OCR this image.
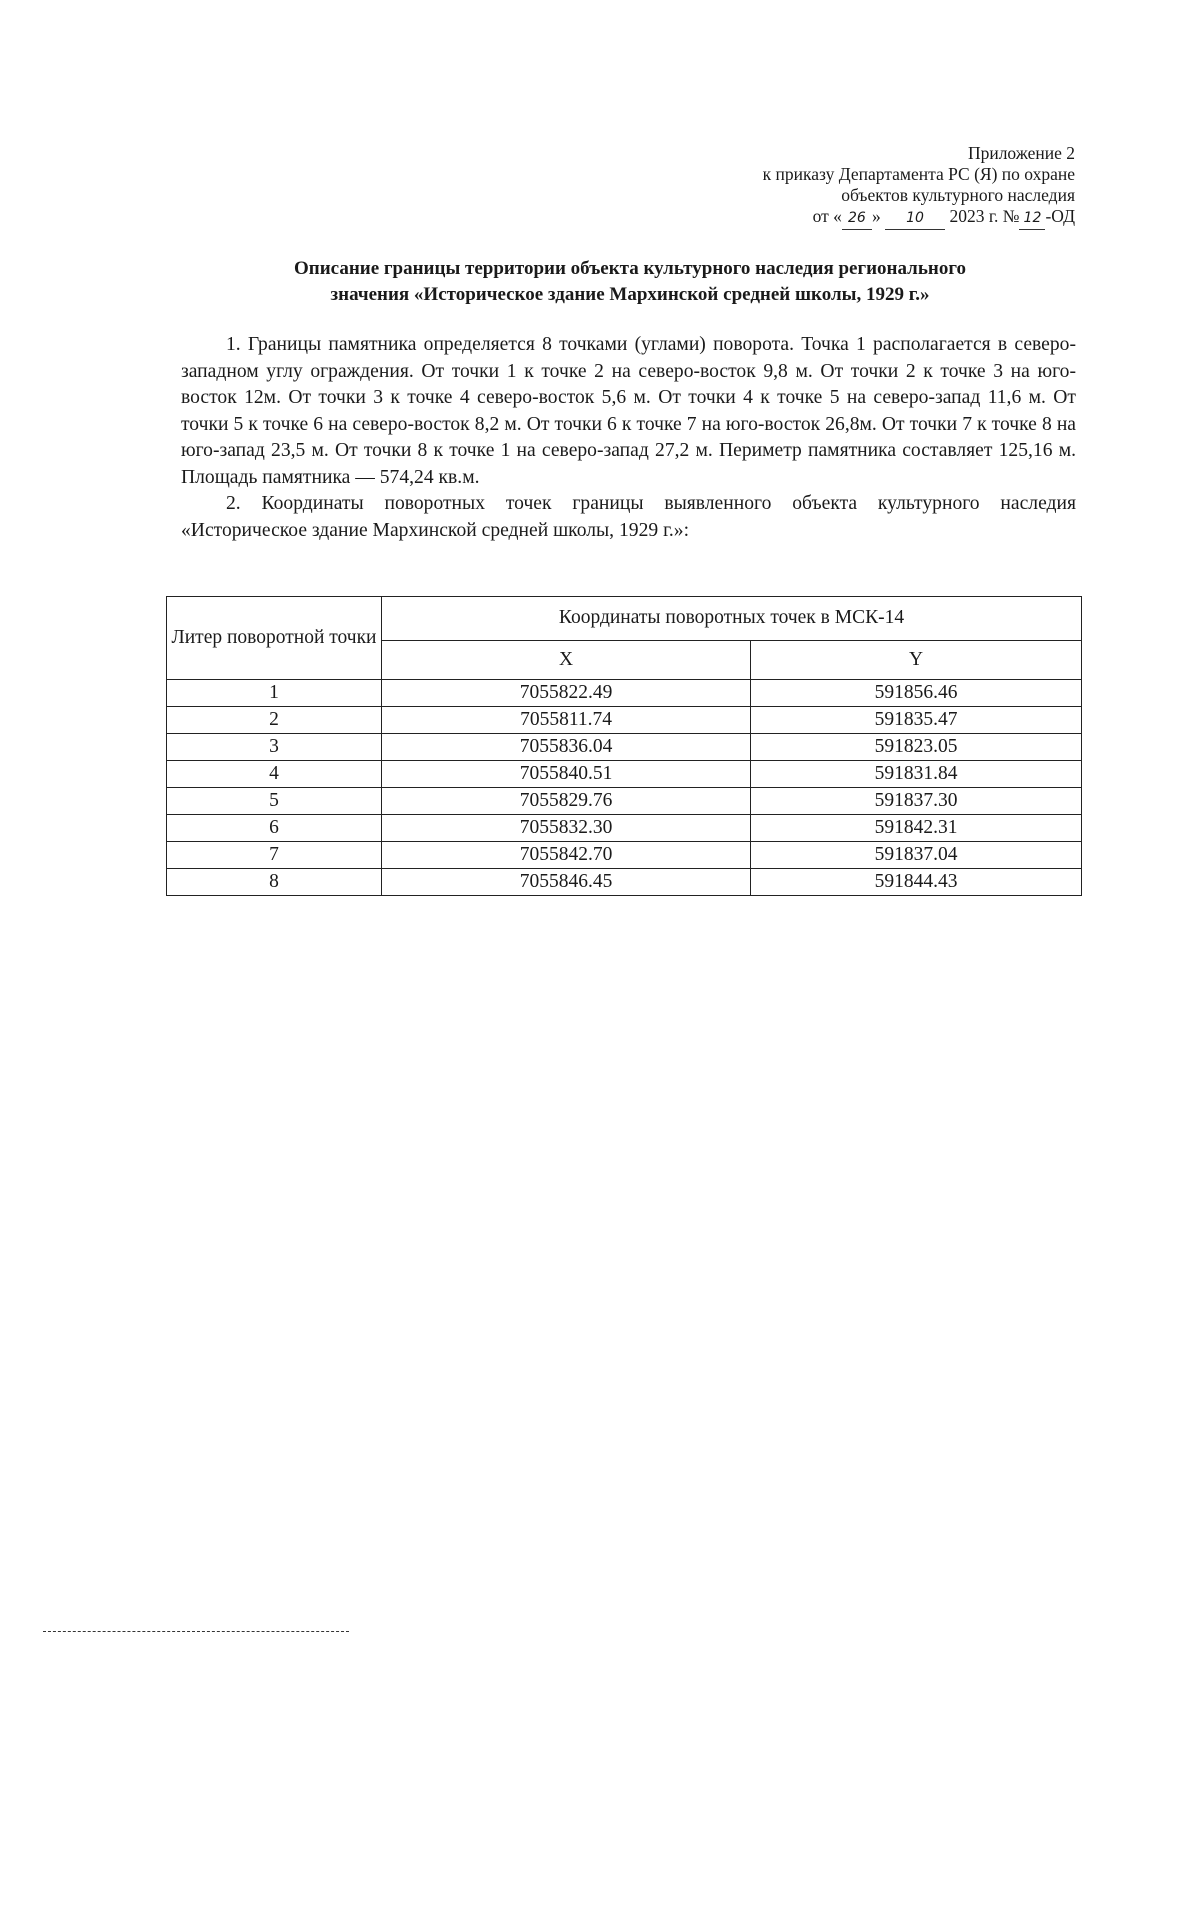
Приложение 2
к приказу Департамента РС (Я) по охране
объектов культурного наследия
от « 26 » 10 2023 г. № 12 -ОД
Описание границы территории объекта культурного наследия регионального
значения «Историческое здание Мархинской средней школы, 1929 г.»

1. Границы памятника определяется 8 точками (углами) поворота. Точка 1 располагается в северо-западном углу ограждения. От точки 1 к точке 2 на северо-восток 9,8 м. От точки 2 к точке 3 на юго-восток 12м. От точки 3 к точке 4 северо-восток 5,6 м. От точки 4 к точке 5 на северо-запад 11,6 м. От точки 5 к точке 6 на северо-восток 8,2 м. От точки 6 к точке 7 на юго-восток 26,8м. От точки 7 к точке 8 на юго-запад 23,5 м. От точки 8 к точке 1 на северо-запад 27,2 м. Периметр памятника составляет 125,16 м. Площадь памятника — 574,24 кв.м.

2. Координаты поворотных точек границы выявленного объекта культурного наследия «Историческое здание Мархинской средней школы, 1929 г.»:

Литер поворотной точки	Координаты поворотных точек в МСК-14	
	X	Y
1	7055822.49	591856.46
2	7055811.74	591835.47
3	7055836.04	591823.05
4	7055840.51	591831.84
5	7055829.76	591837.30
6	7055832.30	591842.31
7	7055842.70	591837.04
8	7055846.45	591844.43
